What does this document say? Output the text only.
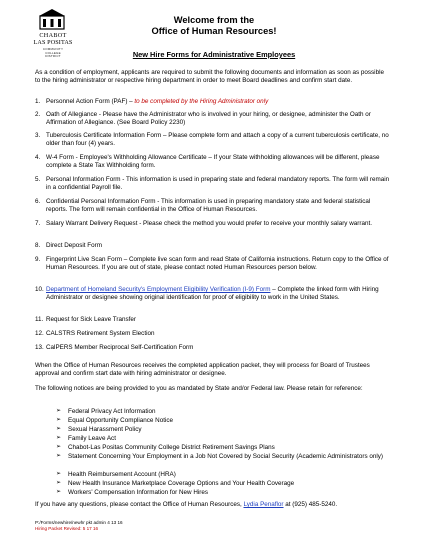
CHABOT
LAS POSITAS
COMMUNITY
COLLEGE
DISTRICT
Welcome from the
Office of Human Resources!
New Hire Forms for Administrative Employees
As a condition of employment, applicants are required to submit the following documents and information as soon as possible to the hiring administrator or respective hiring department in order to meet Board deadlines and confirm start date.
1. Personnel Action Form (PAF) – to be completed by the Hiring Administrator only
2. Oath of Allegiance - Please have the Administrator who is involved in your hiring, or designee, administer the Oath or Affirmation of Allegiance. (See Board Policy 2230)
3. Tuberculosis Certificate Information Form – Please complete form and attach a copy of a current tuberculosis certificate, no older than four (4) years.
4. W-4 Form - Employee's Withholding Allowance Certificate – If your State withholding allowances will be different, please complete a State Tax Withholding form.
5. Personal Information Form - This information is used in preparing state and federal mandatory reports. The form will remain in a confidential Payroll file.
6. Confidential Personal Information Form - This information is used in preparing mandatory state and federal statistical reports. The form will remain confidential in the Office of Human Resources.
7. Salary Warrant Delivery Request - Please check the method you would prefer to receive your monthly salary warrant.
8. Direct Deposit Form
9. Fingerprint Live Scan Form – Complete live scan form and read State of California instructions. Return copy to the Office of Human Resources. If you are out of state, please contact noted Human Resources person below.
10. Department of Homeland Security's Employment Eligibility Verification (I-9) Form – Complete the linked form with Hiring Administrator or designee showing original identification for proof of eligibility to work in the United States.
11. Request for Sick Leave Transfer
12. CALSTRS Retirement System Election
13. CalPERS Member Reciprocal Self-Certification Form
When the Office of Human Resources receives the completed application packet, they will process for Board of Trustees approval and confirm start date with hiring administrator or designee.
The following notices are being provided to you as mandated by State and/or Federal law. Please retain for reference:
➢ Federal Privacy Act Information
➢ Equal Opportunity Compliance Notice
➢ Sexual Harassment Policy
➢ Family Leave Act
➢ Chabot-Las Positas Community College District Retirement Savings Plans
➢ Statement Concerning Your Employment in a Job Not Covered by Social Security (Academic Administrators only)
➢ Health Reimbursement Account (HRA)
➢ New Health Insurance Marketplace Coverage Options and Your Health Coverage
➢ Workers' Compensation Information for New Hires
If you have any questions, please contact the Office of Human Resources, Lydia Penaflor at (925) 485-5240.
P:/Forms/newhire/newhr pkt admin 4 13 16
Hiring Packet Revised: 5 17 16
